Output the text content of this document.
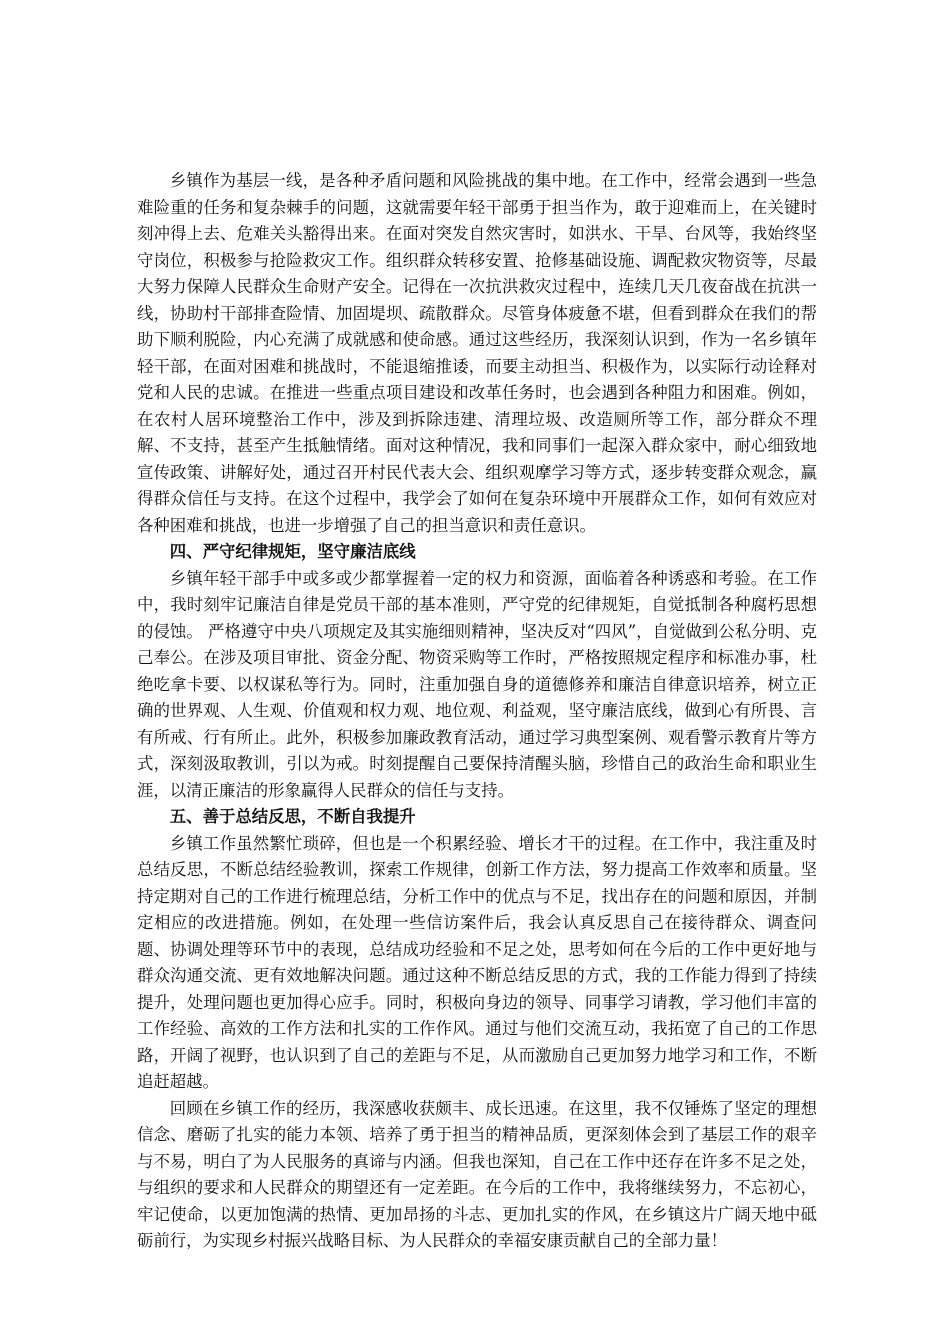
乡镇作为基层一线，是各种矛盾问题和风险挑战的集中地。在工作中，经常会遇到一些急难险重的任务和复杂棘手的问题，这就需要年轻干部勇于担当作为，敢于迎难而上，在关键时刻冲得上去、危难关头豁得出来。在面对突发自然灾害时，如洪水、干旱、台风等，我始终坚守岗位，积极参与抢险救灾工作。组织群众转移安置、抢修基础设施、调配救灾物资等，尽最大努力保障人民群众生命财产安全。记得在一次抗洪救灾过程中，连续几天几夜奋战在抗洪一线，协助村干部排查险情、加固堤坝、疏散群众。尽管身体疲惫不堪，但看到群众在我们的帮助下顺利脱险，内心充满了成就感和使命感。通过这些经历，我深刻认识到，作为一名乡镇年轻干部，在面对困难和挑战时，不能退缩推诿，而要主动担当、积极作为，以实际行动诠释对党和人民的忠诚。在推进一些重点项目建设和改革任务时，也会遇到各种阻力和困难。例如，在农村人居环境整治工作中，涉及到拆除违建、清理垃圾、改造厕所等工作，部分群众不理解、不支持，甚至产生抵触情绪。面对这种情况，我和同事们一起深入群众家中，耐心细致地宣传政策、讲解好处，通过召开村民代表大会、组织观摩学习等方式，逐步转变群众观念，赢得群众信任与支持。在这个过程中，我学会了如何在复杂环境中开展群众工作，如何有效应对各种困难和挑战，也进一步增强了自己的担当意识和责任意识。

四、严守纪律规矩，坚守廉洁底线

乡镇年轻干部手中或多或少都掌握着一定的权力和资源，面临着各种诱惑和考验。在工作中，我时刻牢记廉洁自律是党员干部的基本准则，严守党的纪律规矩，自觉抵制各种腐朽思想的侵蚀。 严格遵守中央八项规定及其实施细则精神，坚决反对“四风”，自觉做到公私分明、克己奉公。在涉及项目审批、资金分配、物资采购等工作时，严格按照规定程序和标准办事，杜绝吃拿卡要、以权谋私等行为。同时，注重加强自身的道德修养和廉洁自律意识培养，树立正确的世界观、人生观、价值观和权力观、地位观、利益观，坚守廉洁底线，做到心有所畏、言有所戒、行有所止。此外，积极参加廉政教育活动，通过学习典型案例、观看警示教育片等方式，深刻汲取教训，引以为戒。时刻提醒自己要保持清醒头脑，珍惜自己的政治生命和职业生涯，以清正廉洁的形象赢得人民群众的信任与支持。

五、善于总结反思，不断自我提升

乡镇工作虽然繁忙琐碎，但也是一个积累经验、增长才干的过程。在工作中，我注重及时总结反思，不断总结经验教训，探索工作规律，创新工作方法，努力提高工作效率和质量。坚持定期对自己的工作进行梳理总结，分析工作中的优点与不足，找出存在的问题和原因，并制定相应的改进措施。例如，在处理一些信访案件后，我会认真反思自己在接待群众、调查问题、协调处理等环节中的表现，总结成功经验和不足之处，思考如何在今后的工作中更好地与群众沟通交流、更有效地解决问题。通过这种不断总结反思的方式，我的工作能力得到了持续提升，处理问题也更加得心应手。同时，积极向身边的领导、同事学习请教，学习他们丰富的工作经验、高效的工作方法和扎实的工作作风。通过与他们交流互动，我拓宽了自己的工作思路，开阔了视野，也认识到了自己的差距与不足，从而激励自己更加努力地学习和工作，不断追赶超越。

回顾在乡镇工作的经历，我深感收获颇丰、成长迅速。在这里，我不仅锤炼了坚定的理想信念、磨砺了扎实的能力本领、培养了勇于担当的精神品质，更深刻体会到了基层工作的艰辛与不易，明白了为人民服务的真谛与内涵。但我也深知，自己在工作中还存在许多不足之处，与组织的要求和人民群众的期望还有一定差距。在今后的工作中，我将继续努力，不忘初心，牢记使命，以更加饱满的热情、更加昂扬的斗志、更加扎实的作风，在乡镇这片广阔天地中砥砺前行，为实现乡村振兴战略目标、为人民群众的幸福安康贡献自己的全部力量！
